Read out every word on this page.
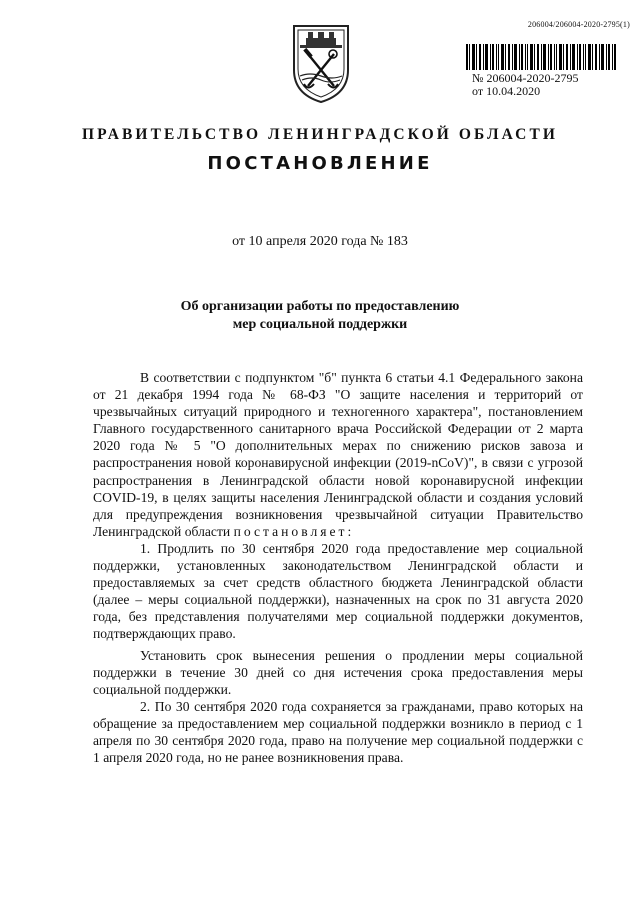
206004/206004-2020-2795(1)
№ 206004-2020-2795
от 10.04.2020
ПРАВИТЕЛЬСТВО ЛЕНИНГРАДСКОЙ ОБЛАСТИ
ПОСТАНОВЛЕНИЕ
от 10 апреля 2020 года № 183
Об организации работы по предоставлению
мер социальной поддержки

В соответствии с подпунктом "б" пункта 6 статьи 4.1 Федерального закона от 21 декабря 1994 года № 68-ФЗ "О защите населения и территорий от чрезвычайных ситуаций природного и техногенного характера", постановлением Главного государственного санитарного врача Российской Федерации от 2 марта 2020 года № 5 "О дополнительных мерах по снижению рисков завоза и распространения новой коронавирусной инфекции (2019-nCoV)", в связи с угрозой распространения в Ленинградской области новой коронавирусной инфекции COVID-19, в целях защиты населения Ленинградской области и создания условий для предупреждения возникновения чрезвычайной ситуации Правительство Ленинградской области постановляет:

1. Продлить по 30 сентября 2020 года предоставление мер социальной поддержки, установленных законодательством Ленинградской области и предоставляемых за счет средств областного бюджета Ленинградской области (далее – меры социальной поддержки), назначенных на срок по 31 августа 2020 года, без представления получателями мер социальной поддержки документов, подтверждающих право.

Установить срок вынесения решения о продлении меры социальной поддержки в течение 30 дней со дня истечения срока предоставления меры социальной поддержки.

2. По 30 сентября 2020 года сохраняется за гражданами, право которых на обращение за предоставлением мер социальной поддержки возникло в период с 1 апреля по 30 сентября 2020 года, право на получение мер социальной поддержки с 1 апреля 2020 года, но не ранее возникновения права.
